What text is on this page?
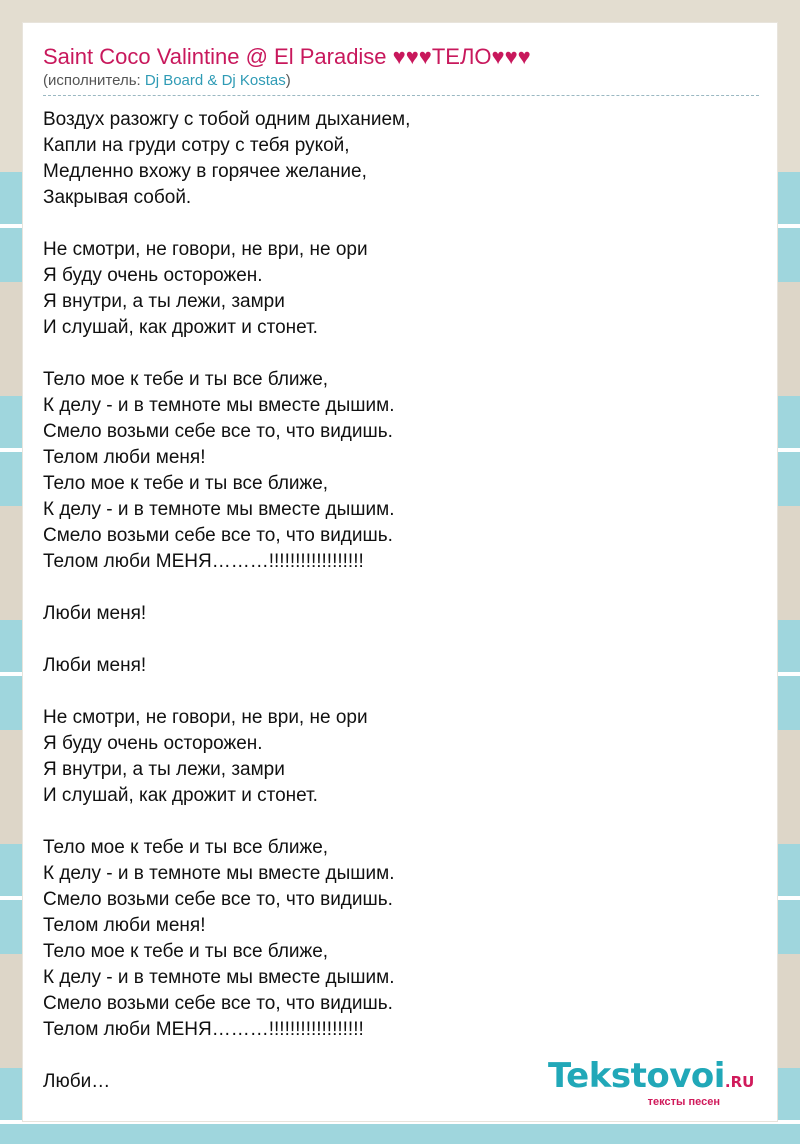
Saint Coco Valintine @ El Paradise ♥♥♥ТЕЛО♥♥♥
(исполнитель: Dj Board & Dj Kostas)
Воздух разожгу с тобой одним дыханием,
Капли на груди сотру с тебя рукой,
Медленно вхожу в горячее желание,
Закрывая собой.
Не смотри, не говори, не ври, не ори
Я буду очень осторожен.
Я внутри, а ты лежи, замри
И слушай, как дрожит и стонет.
Тело мое к тебе и ты все ближе,
К делу - и в темноте мы вместе дышим.
Смело возьми себе все то, что видишь.
Телом люби меня!
Тело мое к тебе и ты все ближе,
К делу - и в темноте мы вместе дышим.
Смело возьми себе все то, что видишь.
Телом люби МЕНЯ………!!!!!!!!!!!!!!!!!!
Люби меня!
Люби меня!
Не смотри, не говори, не ври, не ори
Я буду очень осторожен.
Я внутри, а ты лежи, замри
И слушай, как дрожит и стонет.
Тело мое к тебе и ты все ближе,
К делу - и в темноте мы вместе дышим.
Смело возьми себе все то, что видишь.
Телом люби меня!
Тело мое к тебе и ты все ближе,
К делу - и в темноте мы вместе дышим.
Смело возьми себе все то, что видишь.
Телом люби МЕНЯ………!!!!!!!!!!!!!!!!!!
Люби…	Tekstovoi.RU
тексты песен
